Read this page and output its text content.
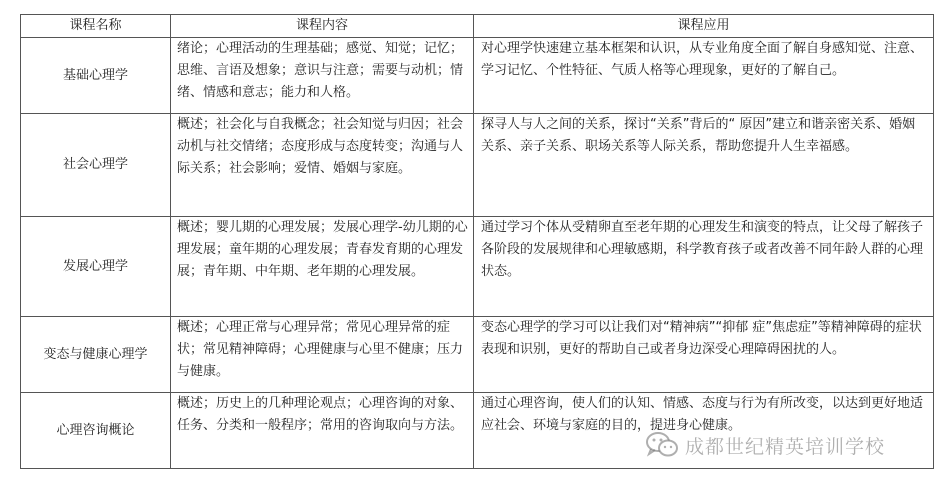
课程名称	课程内容	课程应用
基础心理学	绪论；心理活动的生理基础；感觉、知觉；记忆；思维、言语及想象；意识与注意；需要与动机；情绪、情感和意志；能力和人格。	对心理学快速建立基本框架和认识，从专业角度全面了解自身感知觉、注意、学习记忆、个性特征、气质人格等心理现象，更好的了解自己。
社会心理学	概述；社会化与自我概念；社会知觉与归因；社会动机与社交情绪；态度形成与态度转变；沟通与人际关系；社会影响；爱情、婚姻与家庭。	探寻人与人之间的关系，探讨“关系”背后的“ 原因”建立和谐亲密关系、婚姻关系、亲子关系、职场关系等人际关系，帮助您提升人生幸福感。
发展心理学	概述；婴儿期的心理发展；发展心理学-幼儿期的心理发展；童年期的心理发展；青春发育期的心理发展；青年期、中年期、老年期的心理发展。	通过学习个体从受精卵直至老年期的心理发生和演变的特点，让父母了解孩子各阶段的发展规律和心理敏感期，科学教育孩子或者改善不同年龄人群的心理状态。
变态与健康心理学	概述；心理正常与心理异常；常见心理异常的症状；常见精神障碍；心理健康与心里不健康；压力与健康。	变态心理学的学习可以让我们对“精神病”“抑郁 症”焦虑症”等精神障碍的症状表现和识别，更好的帮助自己或者身边深受心理障碍困扰的人。
心理咨询概论	概述；历史上的几种理论观点；心理咨询的对象、任务、分类和一般程序；常用的咨询取向与方法。	通过心理咨询，使人们的认知、情感、态度与行为有所改变，以达到更好地适应社会、环境与家庭的目的，提进身心健康。
成都世纪精英培训学校
